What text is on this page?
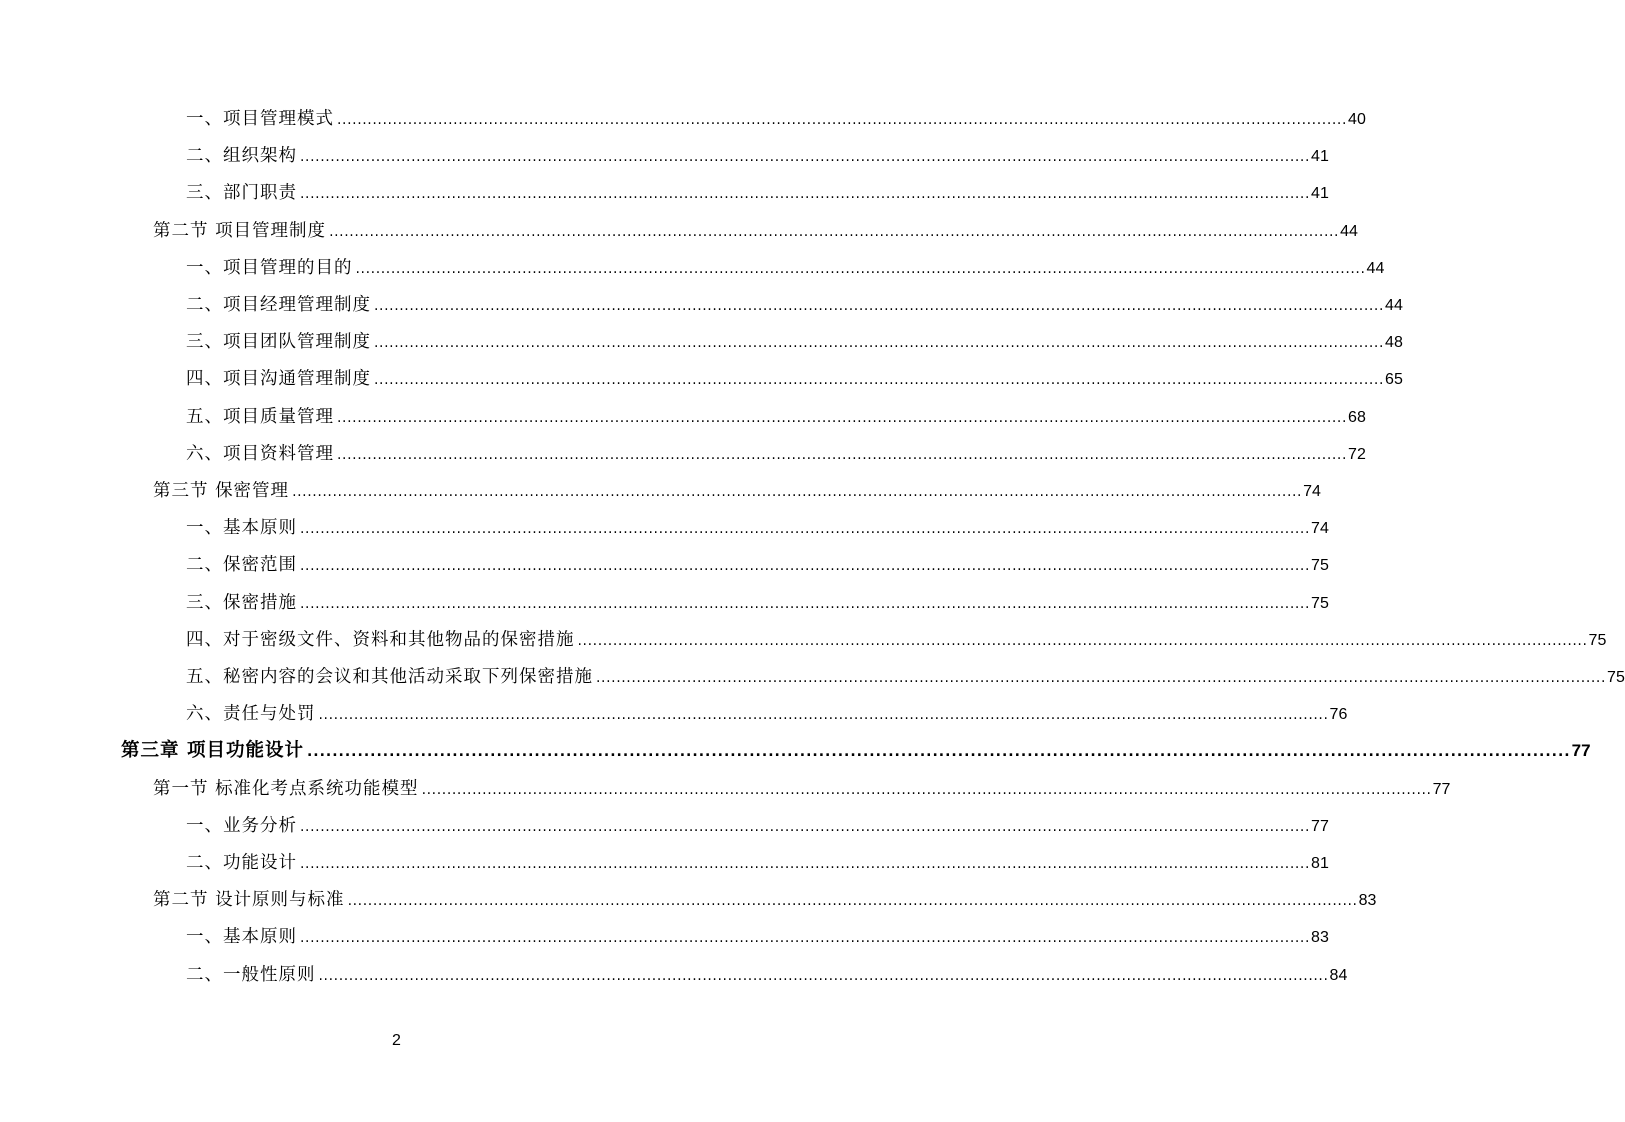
一、项目管理模式 ........................................................................................................................................................................................................ 40
二、组织架构 ........................................................................................................................................................................................................ 41
三、部门职责 ........................................................................................................................................................................................................ 41
第二节 项目管理制度 ........................................................................................................................................................................................................ 44
一、项目管理的目的 ........................................................................................................................................................................................................ 44
二、项目经理管理制度 ........................................................................................................................................................................................................ 44
三、项目团队管理制度 ........................................................................................................................................................................................................ 48
四、项目沟通管理制度 ........................................................................................................................................................................................................ 65
五、项目质量管理 ........................................................................................................................................................................................................ 68
六、项目资料管理 ........................................................................................................................................................................................................ 72
第三节 保密管理 ........................................................................................................................................................................................................ 74
一、基本原则 ........................................................................................................................................................................................................ 74
二、保密范围 ........................................................................................................................................................................................................ 75
三、保密措施 ........................................................................................................................................................................................................ 75
四、对于密级文件、资料和其他物品的保密措施 ........................................................................................................................................................................................................ 75
五、秘密内容的会议和其他活动采取下列保密措施 ........................................................................................................................................................................................................ 75
六、责任与处罚 ........................................................................................................................................................................................................ 76
第三章 项目功能设计 ........................................................................................................................................................................................................ 77
第一节 标准化考点系统功能模型 ........................................................................................................................................................................................................ 77
一、业务分析 ........................................................................................................................................................................................................ 77
二、功能设计 ........................................................................................................................................................................................................ 81
第二节 设计原则与标准 ........................................................................................................................................................................................................ 83
一、基本原则 ........................................................................................................................................................................................................ 83
二、一般性原则 ........................................................................................................................................................................................................ 84
2
